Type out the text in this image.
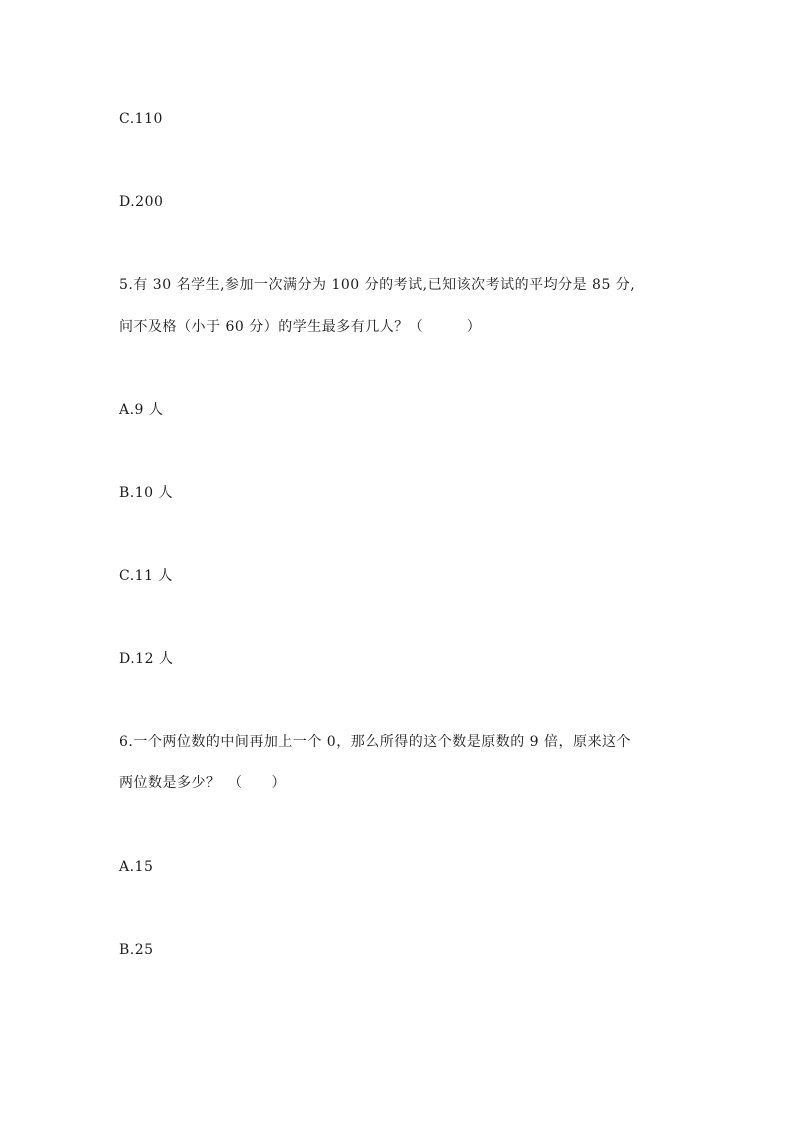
C.110
D.200
5.有 30 名学生,参加一次满分为 100 分的考试,已知该次考试的平均分是 85 分,
问不及格（小于 60 分）的学生最多有几人？（　　　）
A.9 人
B.10 人
C.11 人
D.12 人
6.一个两位数的中间再加上一个 0，那么所得的这个数是原数的 9 倍，原来这个
两位数是多少？　（　　）
A.15
B.25
